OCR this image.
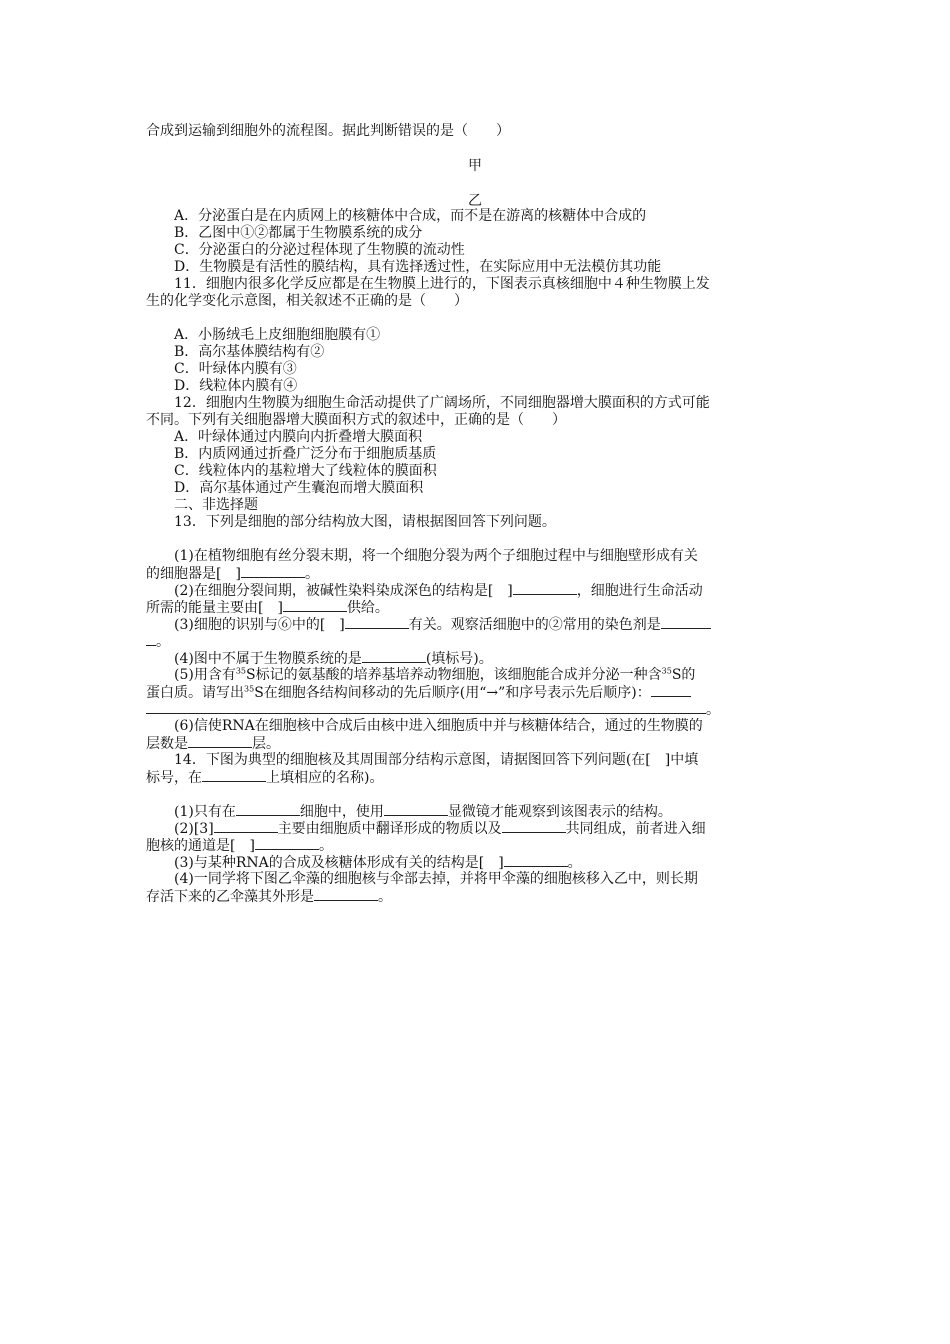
合成到运输到细胞外的流程图。据此判断错误的是（　　）
甲
乙
A．分泌蛋白是在内质网上的核糖体中合成，而不是在游离的核糖体中合成的
B．乙图中①②都属于生物膜系统的成分
C．分泌蛋白的分泌过程体现了生物膜的流动性
D．生物膜是有活性的膜结构，具有选择透过性，在实际应用中无法模仿其功能
11．细胞内很多化学反应都是在生物膜上进行的，下图表示真核细胞中４种生物膜上发
生的化学变化示意图，相关叙述不正确的是（　　）
A．小肠绒毛上皮细胞细胞膜有①
B．高尔基体膜结构有②
C．叶绿体内膜有③
D．线粒体内膜有④
12．细胞内生物膜为细胞生命活动提供了广阔场所，不同细胞器增大膜面积的方式可能
不同。下列有关细胞器增大膜面积方式的叙述中，正确的是（　　）
A．叶绿体通过内膜向内折叠增大膜面积
B．内质网通过折叠广泛分布于细胞质基质
C．线粒体内的基粒增大了线粒体的膜面积
D．高尔基体通过产生囊泡而增大膜面积
二、非选择题
13．下列是细胞的部分结构放大图，请根据图回答下列问题。
(1)在植物细胞有丝分裂末期，将一个细胞分裂为两个子细胞过程中与细胞壁形成有关
的细胞器是[　]	。
(2)在细胞分裂间期，被碱性染料染成深色的结构是[　]	，细胞进行生命活动
所需的能量主要由[　]	供给。
(3)细胞的识别与⑥中的[　]	有关。观察活细胞中的②常用的染色剂是
。
(4)图中不属于生物膜系统的是	(填标号)。
(5)用含有$^{35}$S标记的氨基酸的培养基培养动物细胞，该细胞能合成并分泌一种含$^{35}$S的
蛋白质。请写出$^{35}$S在细胞各结构间移动的先后顺序(用“→”和序号表示先后顺序)：
。
(6)信使RNA在细胞核中合成后由核中进入细胞质中并与核糖体结合，通过的生物膜的
层数是	层。
14．下图为典型的细胞核及其周围部分结构示意图，请据图回答下列问题(在[　]中填
标号，在	上填相应的名称)。
(1)只有在	细胞中，使用	显微镜才能观察到该图表示的结构。
(2)[3]	主要由细胞质中翻译形成的物质以及	共同组成，前者进入细
胞核的通道是[　]	。
(3)与某种RNA的合成及核糖体形成有关的结构是[　]	。
(4)一同学将下图乙伞藻的细胞核与伞部去掉，并将甲伞藻的细胞核移入乙中，则长期
存活下来的乙伞藻其外形是	。
